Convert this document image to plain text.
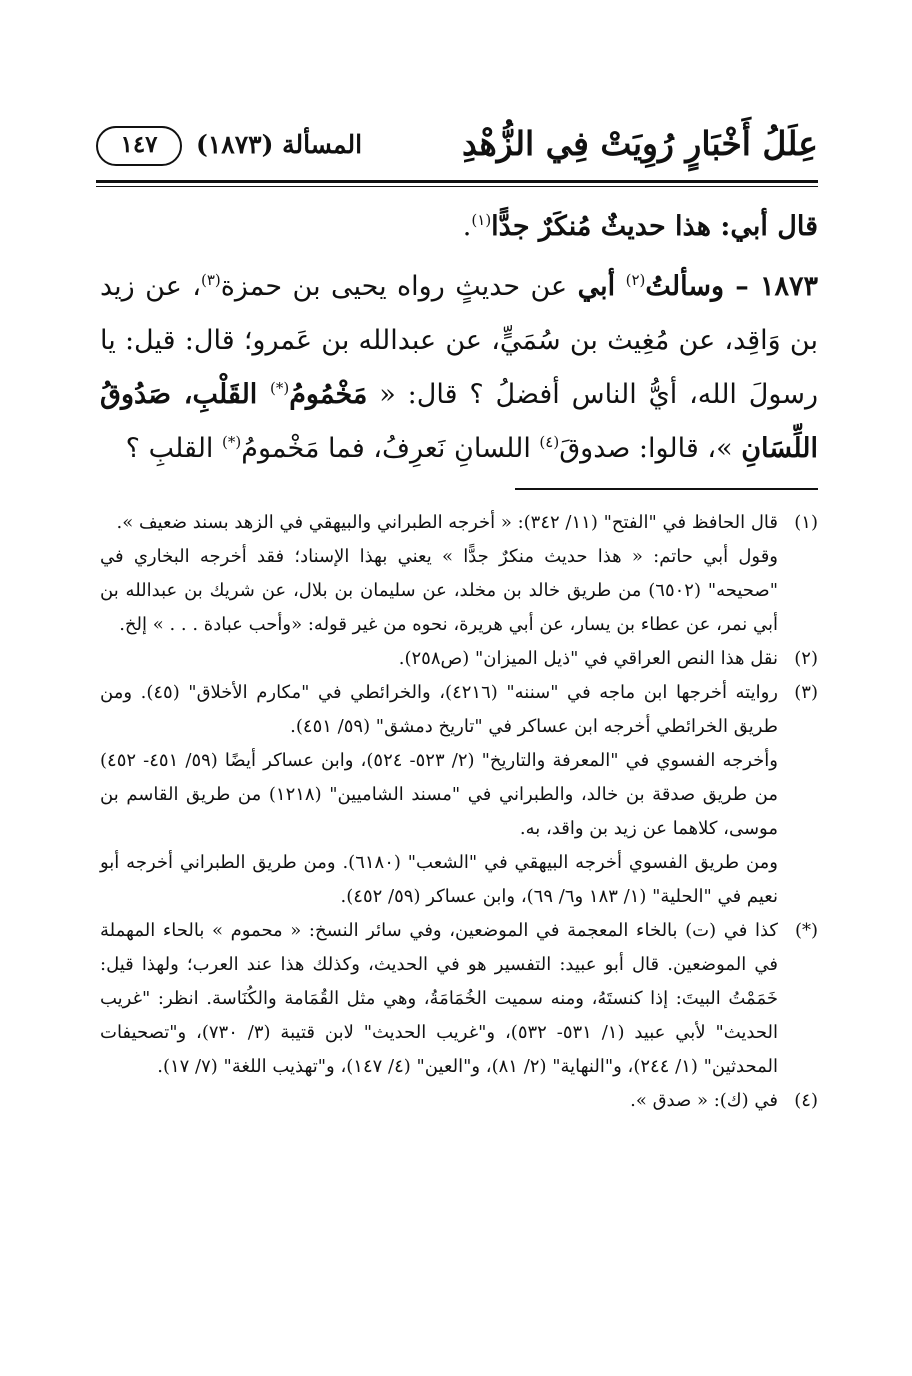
عِلَلُ أَخْبَارٍ رُوِيَتْ فِي الزُّهْدِ
المسألة (١٨٧٣)
١٤٧

قال أبي: هذا حديثٌ مُنكَرٌ جدًّا$^{(١)}$.

١٨٧٣ – وسألتُ$^{(٢)}$ أبي عن حديثٍ رواه يحيى بن حمزة$^{(٣)}$، عن زيد بن وَاقِد، عن مُغِيث بن سُمَيٍّ، عن عبدالله بن عَمرو؛ قال: قيل: يا رسولَ الله، أيُّ الناس أفضلُ ؟ قال: « مَخْمُومُ(*) القَلْبِ، صَدُوقُ اللِّسَانِ »، قالوا: صدوقَ$^{(٤)}$ اللسانِ نَعرِفُ، فما مَخْمومُ(*) القلبِ ؟

(١)

قال الحافظ في "الفتح" (١١/ ٣٤٢): « أخرجه الطبراني والبيهقي في الزهد بسند ضعيف ».

وقول أبي حاتم: « هذا حديث منكرٌ جدًّا » يعني بهذا الإسناد؛ فقد أخرجه البخاري في "صحيحه" (٦٥٠٢) من طريق خالد بن مخلد، عن سليمان بن بلال، عن شريك بن عبدالله بن أبي نمر، عن عطاء بن يسار، عن أبي هريرة، نحوه من غير قوله: «وأحب عبادة . . . » إلخ.

(٢)

نقل هذا النص العراقي في "ذيل الميزان" (ص٢٥٨).

(٣)

روايته أخرجها ابن ماجه في "سننه" (٤٢١٦)، والخرائطي في "مكارم الأخلاق" (٤٥). ومن طريق الخرائطي أخرجه ابن عساكر في "تاريخ دمشق" (٥٩/ ٤٥١).

وأخرجه الفسوي في "المعرفة والتاريخ" (٢/ ٥٢٣- ٥٢٤)، وابن عساكر أيضًا (٥٩/ ٤٥١- ٤٥٢) من طريق صدقة بن خالد، والطبراني في "مسند الشاميين" (١٢١٨) من طريق القاسم بن موسى، كلاهما عن زيد بن واقد، به.

ومن طريق الفسوي أخرجه البيهقي في "الشعب" (٦١٨٠). ومن طريق الطبراني أخرجه أبو نعيم في "الحلية" (١/ ١٨٣ و٦/ ٦٩)، وابن عساكر (٥٩/ ٤٥٢).

(*)

كذا في (ت) بالخاء المعجمة في الموضعين، وفي سائر النسخ: « محموم » بالحاء المهملة في الموضعين. قال أبو عبيد: التفسير هو في الحديث، وكذلك هذا عند العرب؛ ولهذا قيل: خَمَمْتُ البيتَ: إذا كنستَهُ، ومنه سميت الخُمَامَةُ، وهي مثل القُمَامة والكُنَاسة. انظر: "غريب الحديث" لأبي عبيد (١/ ٥٣١- ٥٣٢)، و"غريب الحديث" لابن قتيبة (٣/ ٧٣٠)، و"تصحيفات المحدثين" (١/ ٢٤٤)، و"النهاية" (٢/ ٨١)، و"العين" (٤/ ١٤٧)، و"تهذيب اللغة" (٧/ ١٧).

(٤)

في (ك): « صدق ».
